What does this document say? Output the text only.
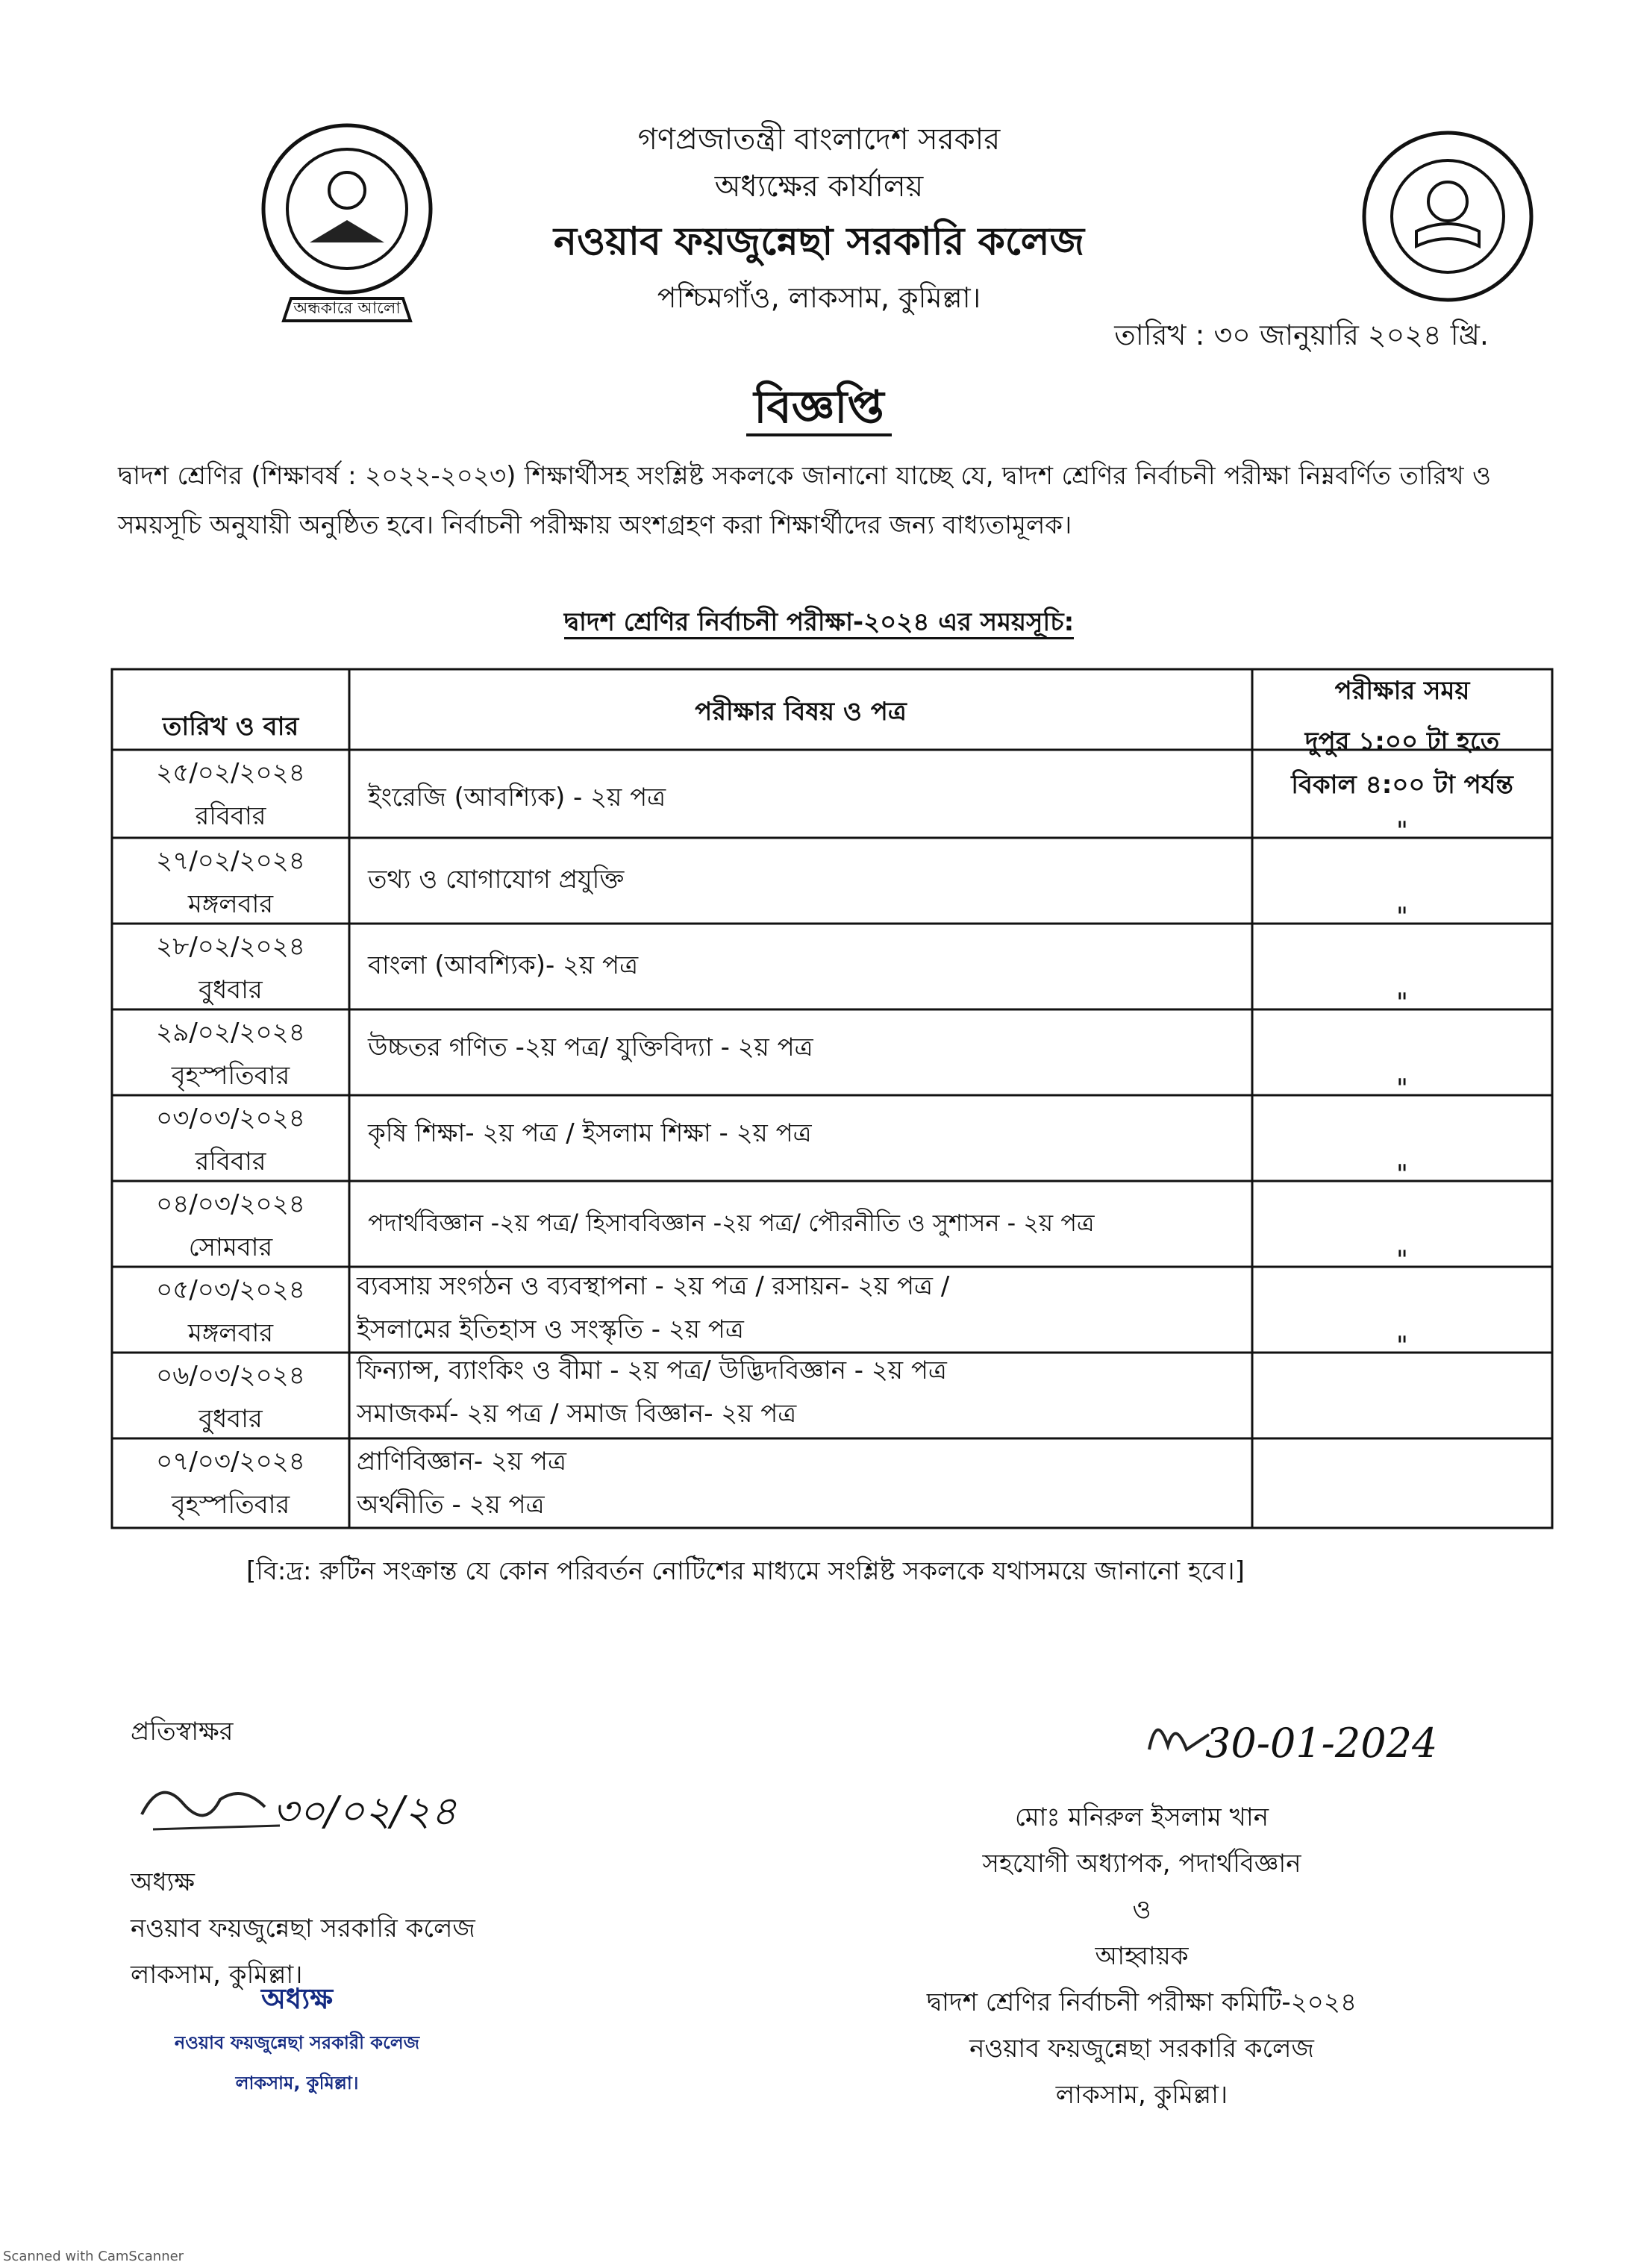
অন্ধকারে আলো
গণপ্রজাতন্ত্রী বাংলাদেশ সরকার
অধ্যক্ষের কার্যালয়
নওয়াব ফয়জুন্নেছা সরকারি কলেজ
পশ্চিমগাঁও, লাকসাম, কুমিল্লা।
তারিখ : ৩০ জানুয়ারি ২০২৪ খ্রি.
বিজ্ঞপ্তি
দ্বাদশ শ্রেণির (শিক্ষাবর্ষ : ২০২২-২০২৩) শিক্ষার্থীসহ সংশ্লিষ্ট সকলকে জানানো যাচ্ছে যে, দ্বাদশ শ্রেণির নির্বাচনী পরীক্ষা নিম্নবর্ণিত তারিখ ও সময়সূচি অনুযায়ী অনুষ্ঠিত হবে। নির্বাচনী পরীক্ষায় অংশগ্রহণ করা শিক্ষার্থীদের জন্য বাধ্যতামূলক।
দ্বাদশ শ্রেণির নির্বাচনী পরীক্ষা-২০২৪ এর সময়সূচি:
তারিখ ও বার	পরীক্ষার বিষয় ও পত্র
পরীক্ষার সময়
২৫/০২/২০২৪
রবিবার
ইংরেজি (আবশ্যিক) - ২য় পত্র
দুপুর ১:০০ টা হতে
বিকাল ৪:০০ টা পর্যন্ত
২৭/০২/২০২৪
মঙ্গলবার
তথ্য ও যোগাযোগ প্রযুক্তি
"
২৮/০২/২০২৪
বুধবার
বাংলা (আবশ্যিক)- ২য় পত্র
"
২৯/০২/২০২৪
বৃহস্পতিবার
উচ্চতর গণিত -২য় পত্র/ যুক্তিবিদ্যা - ২য় পত্র
"
০৩/০৩/২০২৪
রবিবার
কৃষি শিক্ষা- ২য় পত্র / ইসলাম শিক্ষা - ২য় পত্র
"
০৪/০৩/২০২৪
সোমবার
পদার্থবিজ্ঞান -২য় পত্র/ হিসাববিজ্ঞান -২য় পত্র/ পৌরনীতি ও সুশাসন - ২য় পত্র
"
০৫/০৩/২০২৪
মঙ্গলবার
ব্যবসায় সংগঠন ও ব্যবস্থাপনা - ২য় পত্র / রসায়ন- ২য় পত্র /
ইসলামের ইতিহাস ও সংস্কৃতি - ২য় পত্র
"
০৬/০৩/২০২৪
বুধবার
ফিন্যান্স, ব্যাংকিং ও বীমা - ২য় পত্র/ উদ্ভিদবিজ্ঞান - ২য় পত্র
সমাজকর্ম- ২য় পত্র / সমাজ বিজ্ঞান- ২য় পত্র
"
০৭/০৩/২০২৪
বৃহস্পতিবার
প্রাণিবিজ্ঞান- ২য় পত্র
অর্থনীতি - ২য় পত্র
[বি:দ্র: রুটিন সংক্রান্ত যে কোন পরিবর্তন নোটিশের মাধ্যমে সংশ্লিষ্ট সকলকে যথাসময়ে জানানো হবে।]
প্রতিস্বাক্ষর
৩০/০২/২৪
অধ্যক্ষ
নওয়াব ফয়জুন্নেছা সরকারি কলেজ
লাকসাম, কুমিল্লা।
অধ্যক্ষ
নওয়াব ফয়জুন্নেছা সরকারী কলেজ
লাকসাম, কুমিল্লা।
30-01-2024
মোঃ মনিরুল ইসলাম খান
সহযোগী অধ্যাপক, পদার্থবিজ্ঞান
ও
আহ্বায়ক
দ্বাদশ শ্রেণির নির্বাচনী পরীক্ষা কমিটি-২০২৪
নওয়াব ফয়জুন্নেছা সরকারি কলেজ
লাকসাম, কুমিল্লা।
Scanned with CamScanner
